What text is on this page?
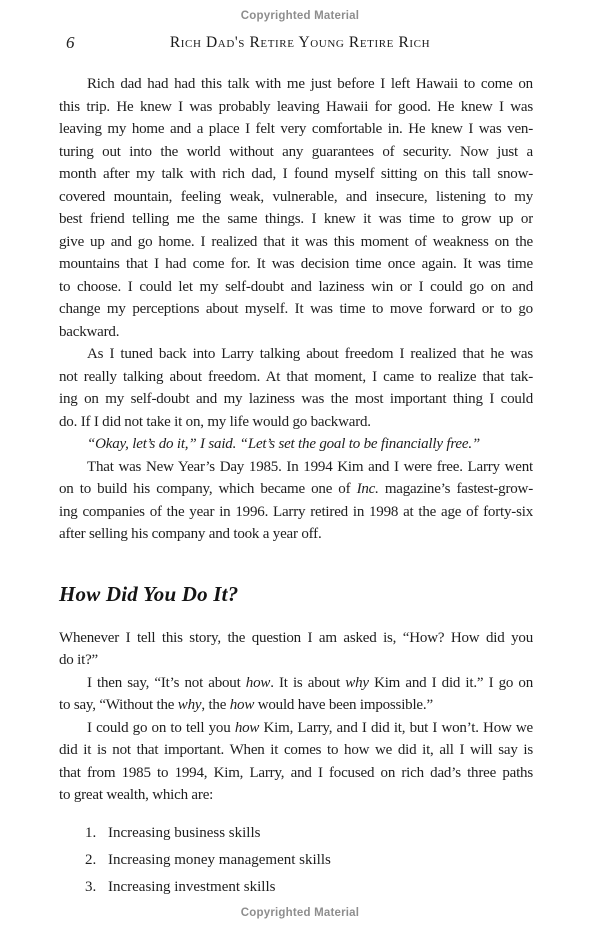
Copyrighted Material
6	Rich Dad's Retire Young Retire Rich
Rich dad had had this talk with me just before I left Hawaii to come on
this trip. He knew I was probably leaving Hawaii for good. He knew I was
leaving my home and a place I felt very comfortable in. He knew I was ven-
turing out into the world without any guarantees of security. Now just a
month after my talk with rich dad, I found myself sitting on this tall snow-
covered mountain, feeling weak, vulnerable, and insecure, listening to my
best friend telling me the same things. I knew it was time to grow up or
give up and go home. I realized that it was this moment of weakness on the
mountains that I had come for. It was decision time once again. It was time
to choose. I could let my self-doubt and laziness win or I could go on and
change my perceptions about myself. It was time to move forward or to go
backward.
As I tuned back into Larry talking about freedom I realized that he was
not really talking about freedom. At that moment, I came to realize that tak-
ing on my self-doubt and my laziness was the most important thing I could
do. If I did not take it on, my life would go backward.
“Okay, let’s do it,” I said. “Let’s set the goal to be financially free.”
That was New Year’s Day 1985. In 1994 Kim and I were free. Larry went
on to build his company, which became one of Inc. magazine’s fastest-grow-
ing companies of the year in 1996. Larry retired in 1998 at the age of forty-six
after selling his company and took a year off.
How Did You Do It?
Whenever I tell this story, the question I am asked is, “How? How did you
do it?”
I then say, “It’s not about how. It is about why Kim and I did it.” I go on
to say, “Without the why, the how would have been impossible.”
I could go on to tell you how Kim, Larry, and I did it, but I won’t. How we
did it is not that important. When it comes to how we did it, all I will say is
that from 1985 to 1994, Kim, Larry, and I focused on rich dad’s three paths
to great wealth, which are:
1. Increasing business skills
2. Increasing money management skills
3. Increasing investment skills
Copyrighted Material
